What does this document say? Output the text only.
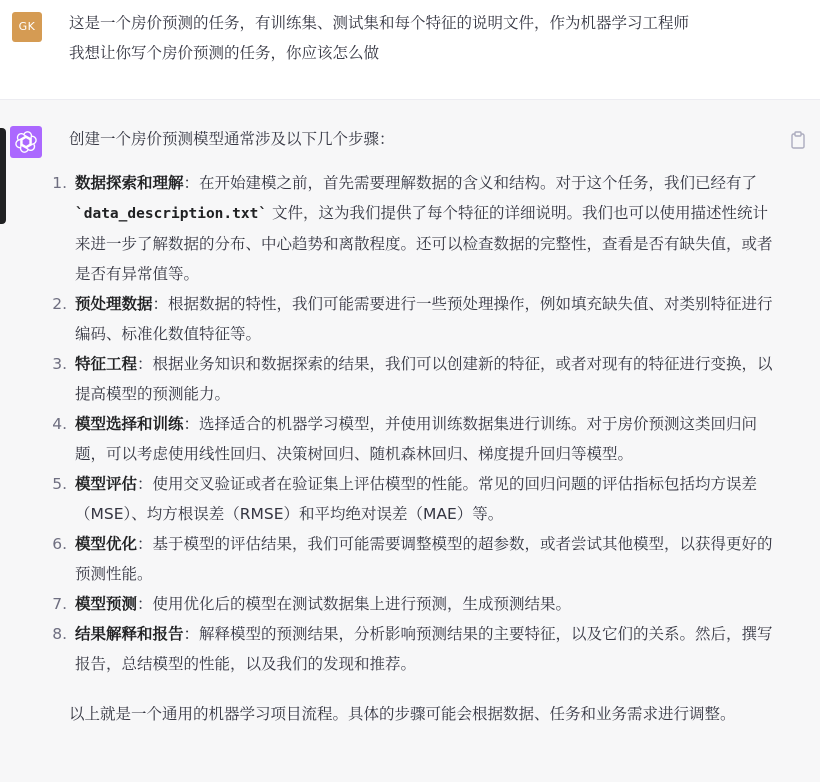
GK	这是一个房价预测的任务，有训练集、测试集和每个特征的说明文件，作为机器学习工程师
我想让你写个房价预测的任务，你应该怎么做
创建一个房价预测模型通常涉及以下几个步骤：
1. 数据探索和理解：在开始建模之前，首先需要理解数据的含义和结构。对于这个任务，我们已经有了`data_description.txt` 文件，这为我们提供了每个特征的详细说明。我们也可以使用描述性统计来进一步了解数据的分布、中心趋势和离散程度。还可以检查数据的完整性，查看是否有缺失值，或者是否有异常值等。
2. 预处理数据：根据数据的特性，我们可能需要进行一些预处理操作，例如填充缺失值、对类别特征进行编码、标准化数值特征等。
3. 特征工程：根据业务知识和数据探索的结果，我们可以创建新的特征，或者对现有的特征进行变换，以提高模型的预测能力。
4. 模型选择和训练：选择适合的机器学习模型，并使用训练数据集进行训练。对于房价预测这类回归问题，可以考虑使用线性回归、决策树回归、随机森林回归、梯度提升回归等模型。
5. 模型评估：使用交叉验证或者在验证集上评估模型的性能。常见的回归问题的评估指标包括均方误差（MSE）、均方根误差（RMSE）和平均绝对误差（MAE）等。
6. 模型优化：基于模型的评估结果，我们可能需要调整模型的超参数，或者尝试其他模型，以获得更好的预测性能。
7. 模型预测：使用优化后的模型在测试数据集上进行预测，生成预测结果。
8. 结果解释和报告：解释模型的预测结果，分析影响预测结果的主要特征，以及它们的关系。然后，撰写报告，总结模型的性能，以及我们的发现和推荐。
以上就是一个通用的机器学习项目流程。具体的步骤可能会根据数据、任务和业务需求进行调整。
